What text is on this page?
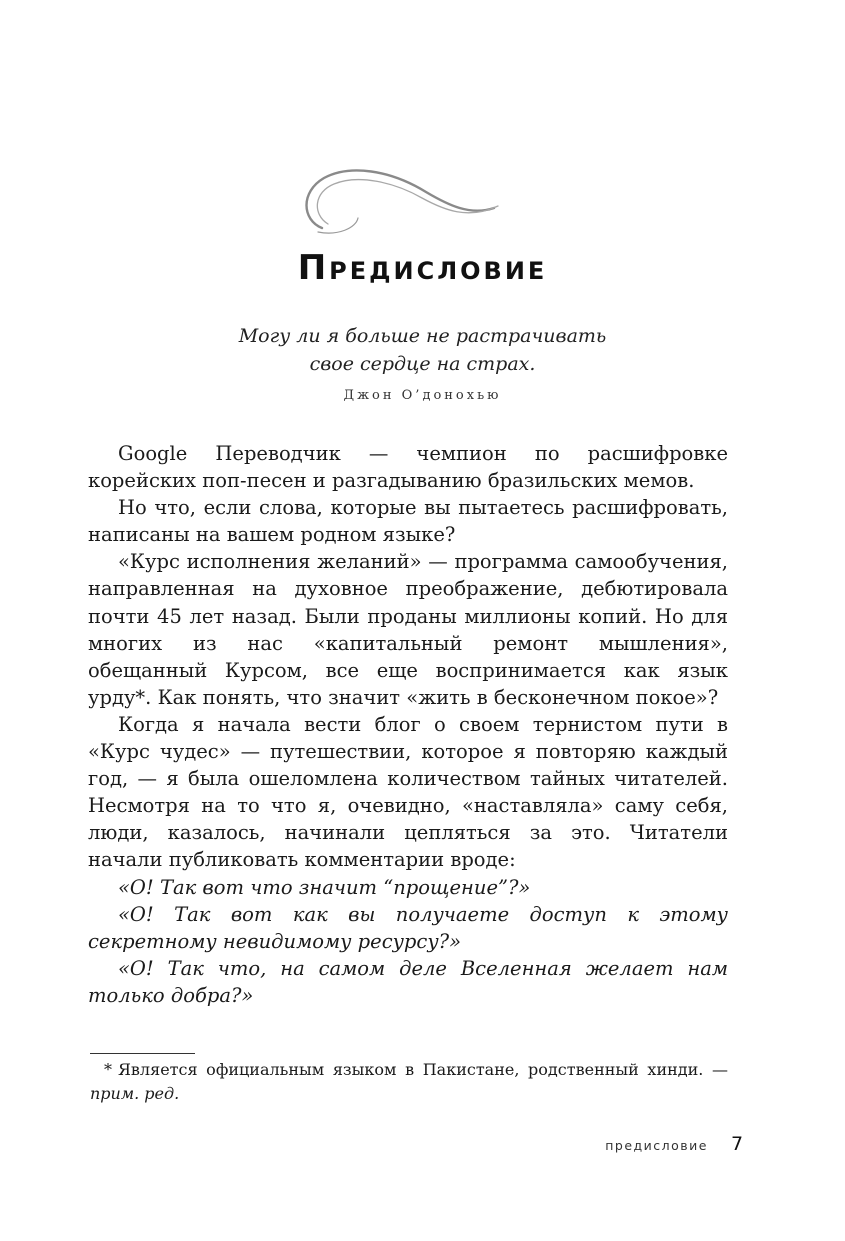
Предисловие
Могу ли я больше не растрачивать
свое сердце на страх.
Джон О’донохью

Google Переводчик — чемпион по расшифровке корейских поп-песен и разгадыванию бразильских мемов.

Но что, если слова, которые вы пытаетесь расшифровать, написаны на вашем родном языке?

«Курс исполнения желаний» — программа самообучения, направленная на духовное преображение, дебютировала почти 45 лет назад. Были проданы миллионы копий. Но для многих из нас «капитальный ремонт мышления», обещанный Курсом, все еще воспринимается как язык урду*. Как понять, что значит «жить в бесконечном покое»?

Когда я начала вести блог о своем тернистом пути в «Курс чудес» — путешествии, которое я повторяю каждый год, — я была ошеломлена количеством тайных читателей. Несмотря на то что я, очевидно, «наставляла» саму себя, люди, казалось, начинали цепляться за это. Читатели начали публиковать комментарии вроде:

«О! Так вот что значит “прощение”?»

«О! Так вот как вы получаете доступ к этому секретному невидимому ресурсу?»

«О! Так что, на самом деле Вселенная желает нам только добра?»

* Является официальным языком в Пакистане, родственный хинди. — прим. ред.
предисловие 7
